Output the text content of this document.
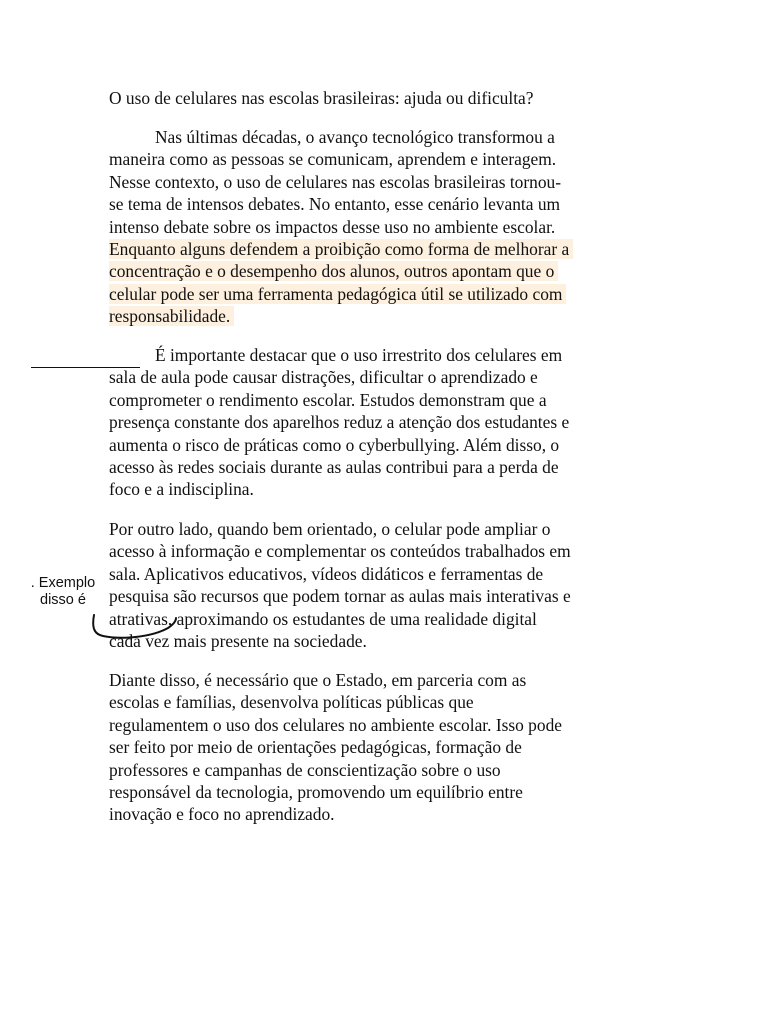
O uso de celulares nas escolas brasileiras: ajuda ou dificulta?
Nas últimas décadas, o avanço tecnológico transformou a
maneira como as pessoas se comunicam, aprendem e interagem.
Nesse contexto, o uso de celulares nas escolas brasileiras tornou-
se tema de intensos debates. No entanto, esse cenário levanta um
intenso debate sobre os impactos desse uso no ambiente escolar.
Enquanto alguns defendem a proibição como forma de melhorar a
concentração e o desempenho dos alunos, outros apontam que o
celular pode ser uma ferramenta pedagógica útil se utilizado com
responsabilidade.
É importante destacar que o uso irrestrito dos celulares em
sala de aula pode causar distrações, dificultar o aprendizado e
comprometer o rendimento escolar. Estudos demonstram que a
presença constante dos aparelhos reduz a atenção dos estudantes e
aumenta o risco de práticas como o cyberbullying. Além disso, o
acesso às redes sociais durante as aulas contribui para a perda de
foco e a indisciplina.
Por outro lado, quando bem orientado, o celular pode ampliar o
acesso à informação e complementar os conteúdos trabalhados em
sala. Aplicativos educativos, vídeos didáticos e ferramentas de
pesquisa são recursos que podem tornar as aulas mais interativas e
atrativas, aproximando os estudantes de uma realidade digital
cada vez mais presente na sociedade.
. Exemplo disso é
Diante disso, é necessário que o Estado, em parceria com as
escolas e famílias, desenvolva políticas públicas que
regulamentem o uso dos celulares no ambiente escolar. Isso pode
ser feito por meio de orientações pedagógicas, formação de
professores e campanhas de conscientização sobre o uso
responsável da tecnologia, promovendo um equilíbrio entre
inovação e foco no aprendizado.
